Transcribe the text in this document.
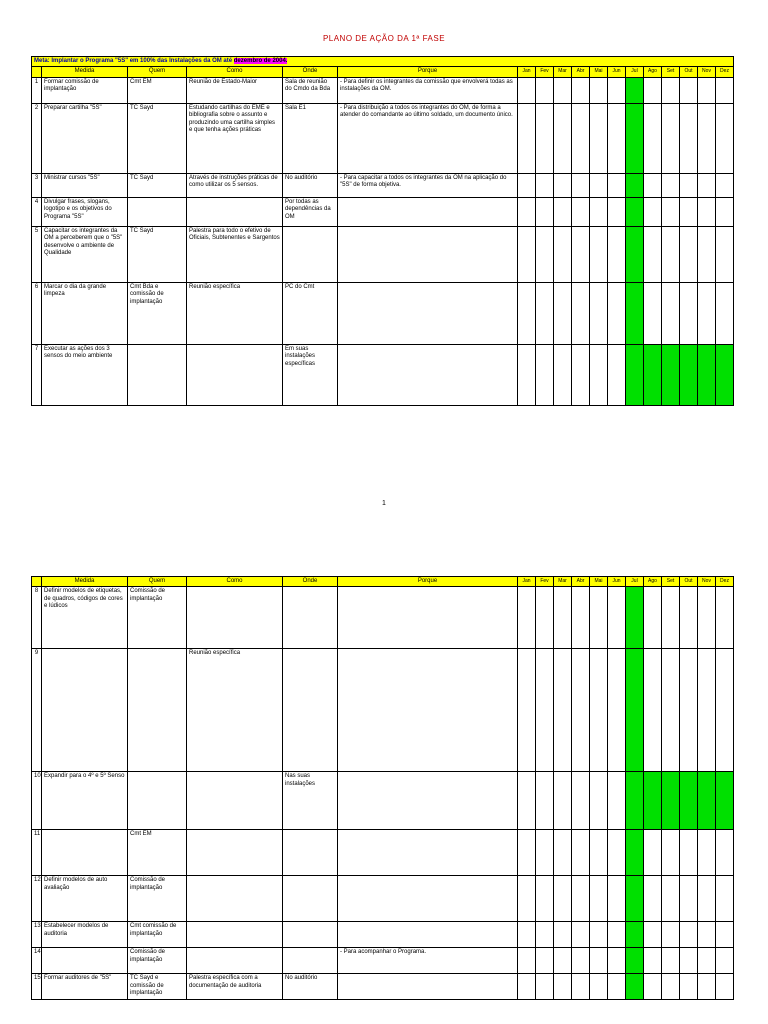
PLANO DE AÇÃO DA 1ª FASE
Meta: Implantar o Programa "5S" em 100% das Instalações da OM até dezembro de 2004.																	
	Medida	Quem	Como	Onde	Porque	Jan	Fev	Mar	Abr	Mai	Jun	Jul	Ago	Set	Out	Nov	Dez
1	Formar comissão de implantação	Cmt EM	Reunião de Estado-Maior	Sala de reunião do Cmdo da Bda	- Para definir os integrantes da comissão que envolverá todas as instalações da OM.												
2	Preparar cartilha "5S"	TC Sayd	Estudando cartilhas do EME e bibliografia sobre o assunto e produzindo uma cartilha simples e que tenha ações práticas	Sala E1	- Para distribuição a todos os integrantes do OM, de forma a atender do comandante ao último soldado, um documento único.												
3	Ministrar cursos "5S"	TC Sayd	Através de instruções práticas de como utilizar os 5 sensos.	No auditório	- Para capacitar a todos os integrantes da OM na aplicação do "5S" de forma objetiva.												
4	Divulgar frases, slogans, logotipo e os objetivos do Programa "5S"			Por todas as dependências da OM													
5	Capacitar os integrantes da OM a perceberem que o "5S" desenvolve o ambiente de Qualidade	TC Sayd	Palestra para todo o efetivo de Oficiais, Subtenentes e Sargentos														
6	Marcar o dia da grande limpeza	Cmt Bda e comissão de implantação	Reunião específica	PC do Cmt													
7	Executar as ações dos 3 sensos do meio ambiente			Em suas instalações específicas													
1
	Medida	Quem	Como	Onde	Porque	Jan	Fev	Mar	Abr	Mai	Jun	Jul	Ago	Set	Out	Nov	Dez
8	Definir modelos de etiquetas, de quadros, códigos de cores e lúdicos	Comissão de implantação															
9			Reunião específica														
10	Expandir para o 4º e 5º Senso			Nas suas instalações													
11		Cmt EM															
12	Definir modelos de auto avaliação	Comissão de implantação															
13	Estabelecer modelos de auditoria	Cmt comissão de implantação															
14		Comissão de implantação			- Para acompanhar o Programa.												
15	Formar auditores de "5S"	TC Sayd e comissão de implantação	Palestra específica com a documentação de auditoria	No auditório													
